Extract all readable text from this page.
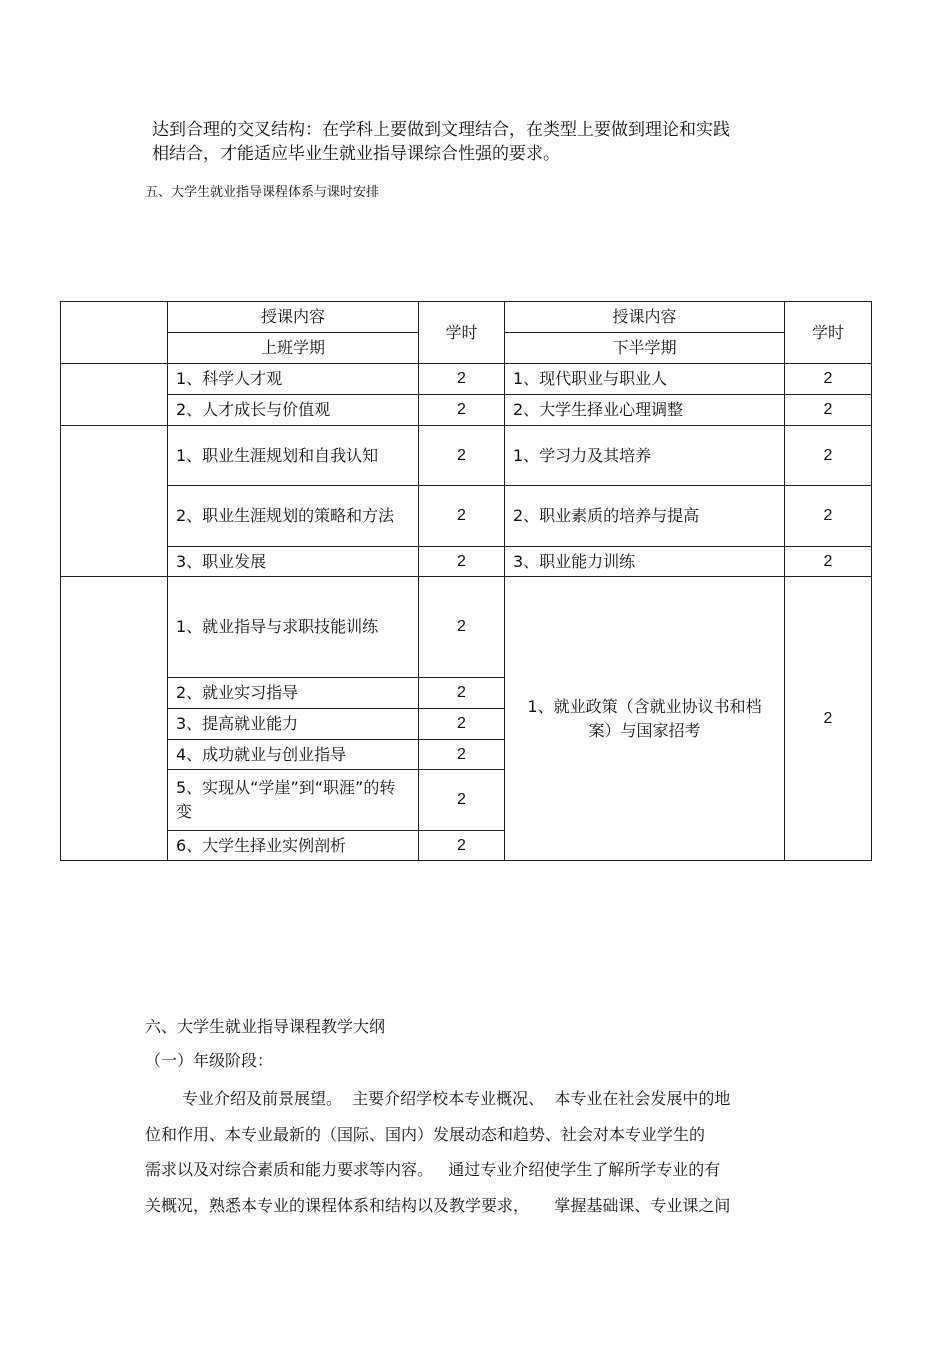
达到合理的交叉结构：在学科上要做到文理结合，在类型上要做到理论和实践
相结合，才能适应毕业生就业指导课综合性强的要求。
五、大学生就业指导课程体系与课时安排
	授课内容	学时	授课内容	学时
	上班学期		下半学期	
	1、科学人才观	2	1、现代职业与职业人	2
	2、人才成长与价值观	2	2、大学生择业心理调整	2
	1、职业生涯规划和自我认知	2	1、学习力及其培养	2
	2、职业生涯规划的策略和方法	2	2、职业素质的培养与提高	2
	3、职业发展	2	3、职业能力训练	2
	1、就业指导与求职技能训练	2	1、就业政策（含就业协议书和档案）与国家招考	2
	2、就业实习指导	2		
	3、提高就业能力	2		
	4、成功就业与创业指导	2		
	5、实现从“学崖”到“职涯”的转变	2		
	6、大学生择业实例剖析	2		
六、大学生就业指导课程教学大纲
（一）年级阶段：
专业介绍及前景展望。  主要介绍学校本专业概况、  本专业在社会发展中的地
位和作用、本专业最新的（国际、国内）发展动态和趋势、社会对本专业学生的
需求以及对综合素质和能力要求等内容。   通过专业介绍使学生了解所学专业的有
关概况，熟悉本专业的课程体系和结构以及教学要求，     掌握基础课、专业课之间
